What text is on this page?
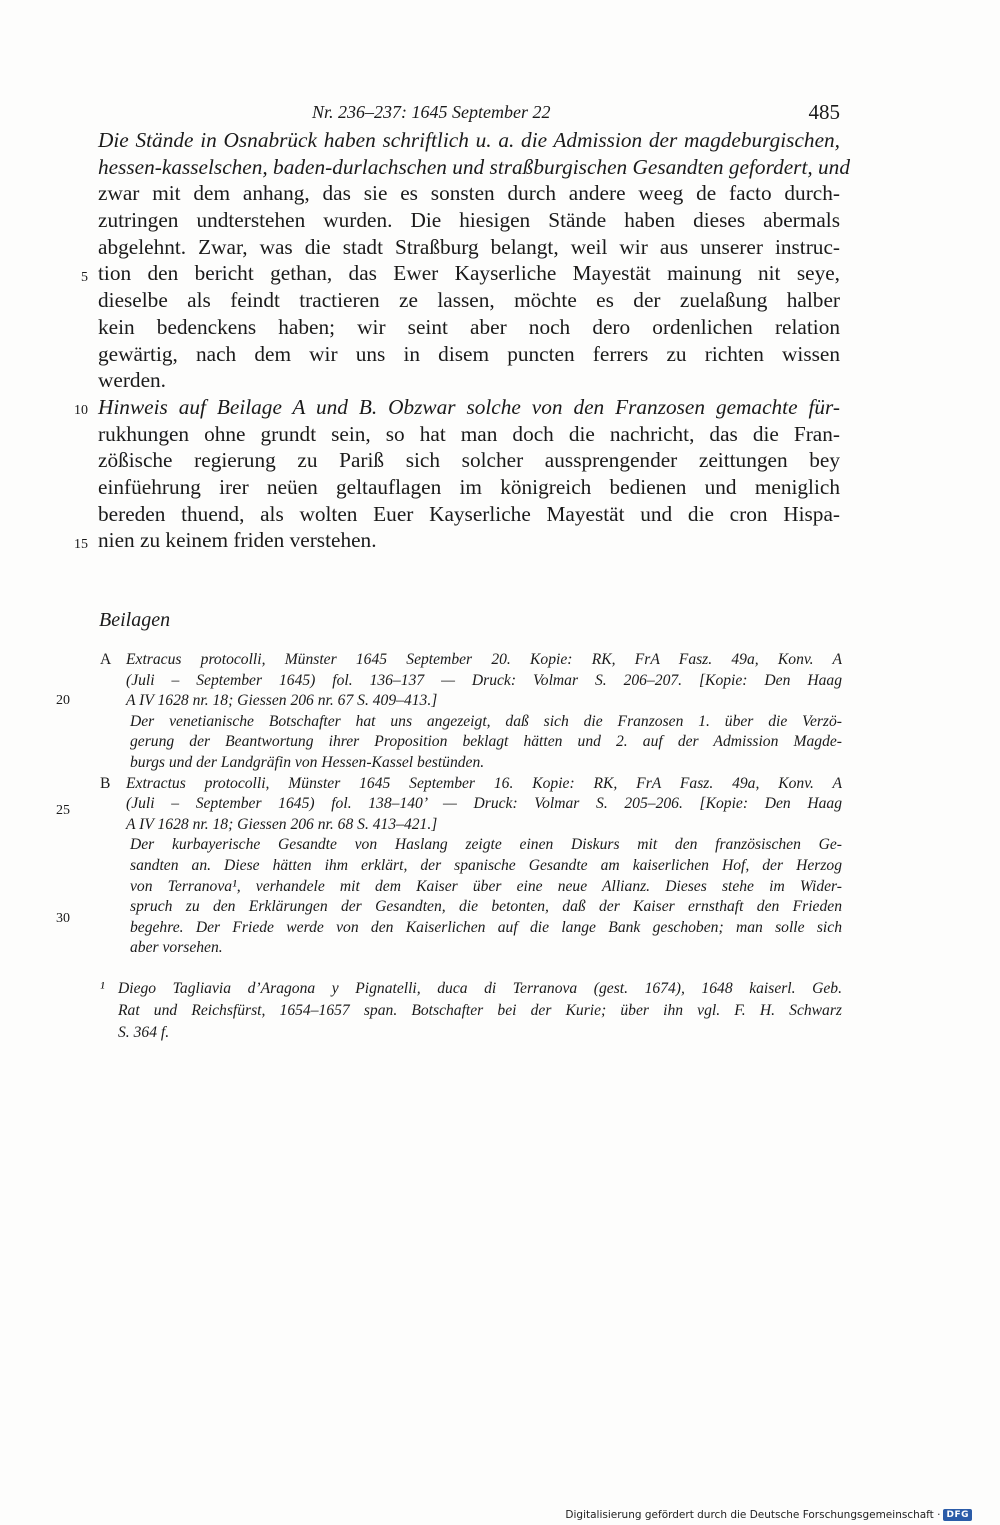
Nr. 236–237: 1645 September 22	485
Die Stände in Osnabrück haben schriftlich u. a. die Admission der magdeburgischen,
hessen-kasselschen, baden-durlachschen und straßburgischen Gesandten gefordert, und
zwar mit dem anhang, das sie es sonsten durch andere weeg de facto durch-
zutringen undterstehen wurden. Die hiesigen Stände haben dieses abermals
abgelehnt. Zwar, was die stadt Straßburg belangt, weil wir aus unserer instruc-
tion den bericht gethan, das Ewer Kayserliche Mayestät mainung nit seye,
dieselbe als feindt tractieren ze lassen, möchte es der zuelaßung halber
kein bedenckens haben; wir seint aber noch dero ordenlichen relation
gewärtig, nach dem wir uns in disem puncten ferrers zu richten wissen
werden.
Hinweis auf Beilage A und B. Obzwar solche von den Franzosen gemachte für-
rukhungen ohne grundt sein, so hat man doch die nachricht, das die Fran-
zößische regierung zu Pariß sich solcher aussprengender zeittungen bey
einfüehrung irer neüen geltauflagen im königreich bedienen und meniglich
bereden thuend, als wolten Euer Kayserliche Mayestät und die cron Hispa-
nien zu keinem friden verstehen.
5
10
15
Beilagen
A Extracus protocolli, Münster 1645 September 20. Kopie: RK, FrA Fasz. 49a, Konv. A
(Juli – September 1645) fol. 136–137 — Druck: Volmar S. 206–207. [Kopie: Den Haag
A IV 1628 nr. 18; Giessen 206 nr. 67 S. 409–413.]
Der venetianische Botschafter hat uns angezeigt, daß sich die Franzosen 1. über die Verzö-
gerung der Beantwortung ihrer Proposition beklagt hätten und 2. auf der Admission Magde-
burgs und der Landgräfin von Hessen-Kassel bestünden.
B Extractus protocolli, Münster 1645 September 16. Kopie: RK, FrA Fasz. 49a, Konv. A
(Juli – September 1645) fol. 138–140’ — Druck: Volmar S. 205–206. [Kopie: Den Haag
A IV 1628 nr. 18; Giessen 206 nr. 68 S. 413–421.]
Der kurbayerische Gesandte von Haslang zeigte einen Diskurs mit den französischen Ge-
sandten an. Diese hätten ihm erklärt, der spanische Gesandte am kaiserlichen Hof, der Herzog
von Terranova¹, verhandele mit dem Kaiser über eine neue Allianz. Dieses stehe im Wider-
spruch zu den Erklärungen der Gesandten, die betonten, daß der Kaiser ernsthaft den Frieden
begehre. Der Friede werde von den Kaiserlichen auf die lange Bank geschoben; man solle sich
aber vorsehen.
20
25
30
¹ Diego Tagliavia d’Aragona y Pignatelli, duca di Terranova (gest. 1674), 1648 kaiserl. Geb.
Rat und Reichsfürst, 1654–1657 span. Botschafter bei der Kurie; über ihn vgl. F. H. Schwarz
S. 364 f.
Digitalisierung gefördert durch die Deutsche Forschungsgemeinschaft · DFG
